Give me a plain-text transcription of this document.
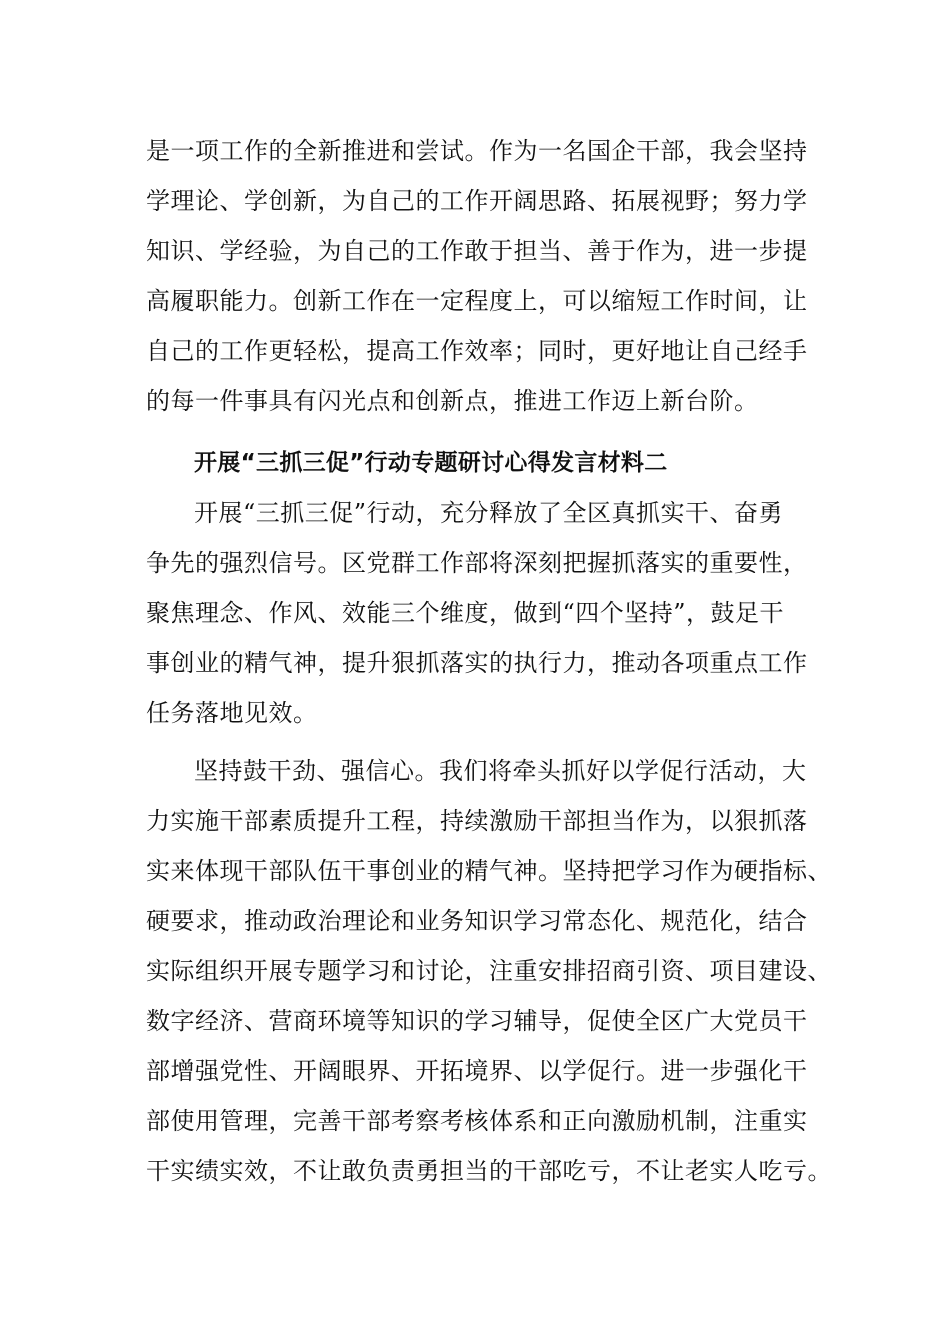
是一项工作的全新推进和尝试。作为一名国企干部，我会坚持
学理论、学创新，为自己的工作开阔思路、拓展视野；努力学
知识、学经验，为自己的工作敢于担当、善于作为，进一步提
高履职能力。创新工作在一定程度上，可以缩短工作时间，让
自己的工作更轻松，提高工作效率；同时，更好地让自己经手
的每一件事具有闪光点和创新点，推进工作迈上新台阶。
开展“三抓三促”行动专题研讨心得发言材料二
开展“三抓三促”行动，充分释放了全区真抓实干、奋勇
争先的强烈信号。区党群工作部将深刻把握抓落实的重要性，
聚焦理念、作风、效能三个维度，做到“四个坚持”，鼓足干
事创业的精气神，提升狠抓落实的执行力，推动各项重点工作
任务落地见效。
坚持鼓干劲、强信心。我们将牵头抓好以学促行活动，大
力实施干部素质提升工程，持续激励干部担当作为，以狠抓落
实来体现干部队伍干事创业的精气神。坚持把学习作为硬指标、
硬要求，推动政治理论和业务知识学习常态化、规范化，结合
实际组织开展专题学习和讨论，注重安排招商引资、项目建设、
数字经济、营商环境等知识的学习辅导，促使全区广大党员干
部增强党性、开阔眼界、开拓境界、以学促行。进一步强化干
部使用管理，完善干部考察考核体系和正向激励机制，注重实
干实绩实效，不让敢负责勇担当的干部吃亏，不让老实人吃亏。
